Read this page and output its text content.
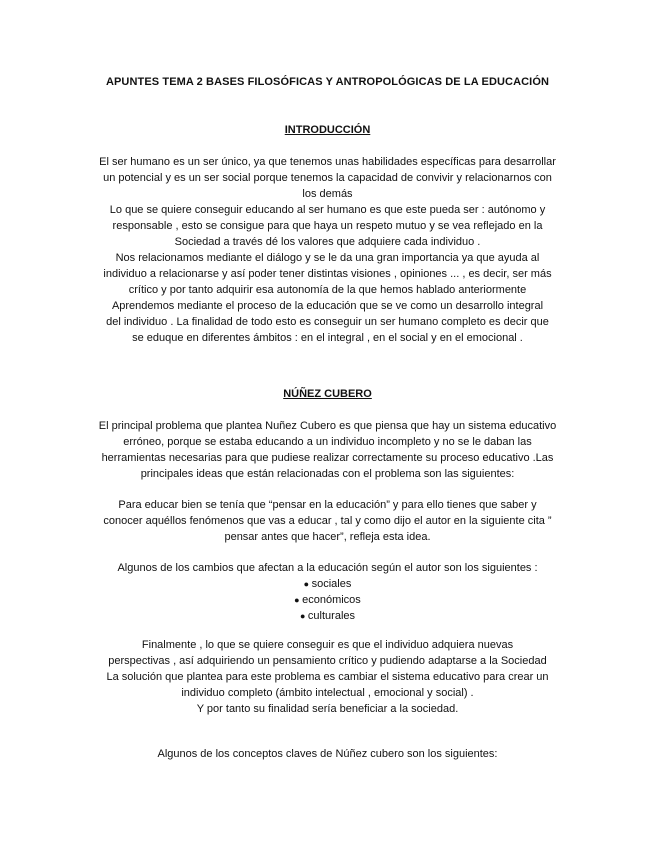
APUNTES TEMA 2 BASES FILOSÓFICAS Y ANTROPOLÓGICAS DE LA EDUCACIÓN
INTRODUCCIÓN

El ser humano es un ser único, ya que tenemos unas habilidades específicas para desarrollar

un potencial y es un ser social porque tenemos la capacidad de convivir y relacionarnos con

los demás

Lo que se quiere conseguir educando al ser humano es que este pueda ser : autónomo y

responsable , esto se consigue para que haya un respeto mutuo y se vea reflejado en la

Sociedad a través dé los valores que adquiere cada individuo .

Nos relacionamos mediante el diálogo y se le da una gran importancia ya que ayuda al

individuo a relacionarse y así poder tener distintas visiones , opiniones ... , es decir, ser más

crítico y por tanto adquirir esa autonomía de la que hemos hablado anteriormente

Aprendemos mediante el proceso de la educación que se ve como un desarrollo integral

del individuo . La finalidad de todo esto es conseguir un ser humano completo es decir que

se eduque en diferentes ámbitos : en el integral , en el social y en el emocional .

NÚÑEZ CUBERO

El principal problema que plantea Nuñez Cubero es que piensa que hay un sistema educativo

erróneo, porque se estaba educando a un individuo incompleto y no se le daban las

herramientas necesarias para que pudiese realizar correctamente su proceso educativo .Las

principales ideas que están relacionadas con el problema son las siguientes:

Para educar bien se tenía que “pensar en la educación” y para ello tienes que saber y

conocer aquéllos fenómenos que vas a educar , tal y como dijo el autor en la siguiente cita ”

pensar antes que hacer”, refleja esta idea.

Algunos de los cambios que afectan a la educación según el autor son los siguientes :

● sociales
● económicos
● culturales

Finalmente , lo que se quiere conseguir es que el individuo adquiera nuevas

perspectivas , así adquiriendo un pensamiento crítico y pudiendo adaptarse a la Sociedad

La solución que plantea para este problema es cambiar el sistema educativo para crear un

individuo completo (ámbito intelectual , emocional y social) .

Y por tanto su finalidad sería beneficiar a la sociedad.

Algunos de los conceptos claves de Núñez cubero son los siguientes:
